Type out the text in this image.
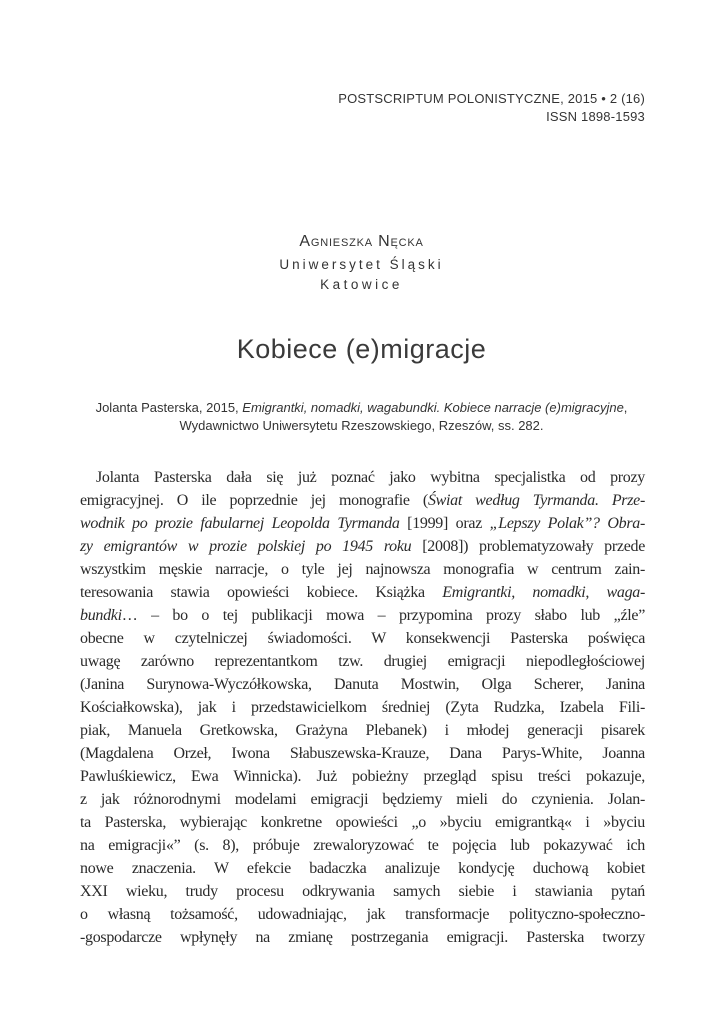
POSTSCRIPTUM POLONISTYCZNE, 2015 • 2 (16)
ISSN 1898-1593
Agnieszka Nęcka
Uniwersytet Śląski
Katowice
Kobiece (e)migracje
Jolanta Pasterska, 2015, Emigrantki, nomadki, wagabundki. Kobiece narracje (e)migracyjne,
Wydawnictwo Uniwersytetu Rzeszowskiego, Rzeszów, ss. 282.
Jolanta Pasterska dała się już poznać jako wybitna specjalistka od prozy
emigracyjnej. O ile poprzednie jej monografie (Świat według Tyrmanda. Prze-
wodnik po prozie fabularnej Leopolda Tyrmanda [1999] oraz „Lepszy Polak”? Obra-
zy emigrantów w prozie polskiej po 1945 roku [2008]) problematyzowały przede
wszystkim męskie narracje, o tyle jej najnowsza monografia w centrum zain-
teresowania stawia opowieści kobiece. Książka Emigrantki, nomadki, waga-
bundki… – bo o tej publikacji mowa – przypomina prozy słabo lub „źle”
obecne w czytelniczej świadomości. W konsekwencji Pasterska poświęca
uwagę zarówno reprezentantkom tzw. drugiej emigracji niepodległościowej
(Janina Surynowa-Wyczółkowska, Danuta Mostwin, Olga Scherer, Janina
Kościałkowska), jak i przedstawicielkom średniej (Zyta Rudzka, Izabela Fili-
piak, Manuela Gretkowska, Grażyna Plebanek) i młodej generacji pisarek
(Magdalena Orzeł, Iwona Słabuszewska-Krauze, Dana Parys-White, Joanna
Pawluśkiewicz, Ewa Winnicka). Już pobieżny przegląd spisu treści pokazuje,
z jak różnorodnymi modelami emigracji będziemy mieli do czynienia. Jolan-
ta Pasterska, wybierając konkretne opowieści „o »byciu emigrantką« i »byciu
na emigracji«” (s. 8), próbuje zrewaloryzować te pojęcia lub pokazywać ich
nowe znaczenia. W efekcie badaczka analizuje kondycję duchową kobiet
XXI wieku, trudy procesu odkrywania samych siebie i stawiania pytań
o własną tożsamość, udowadniając, jak transformacje polityczno-społeczno-
-gospodarcze wpłynęły na zmianę postrzegania emigracji. Pasterska tworzy
